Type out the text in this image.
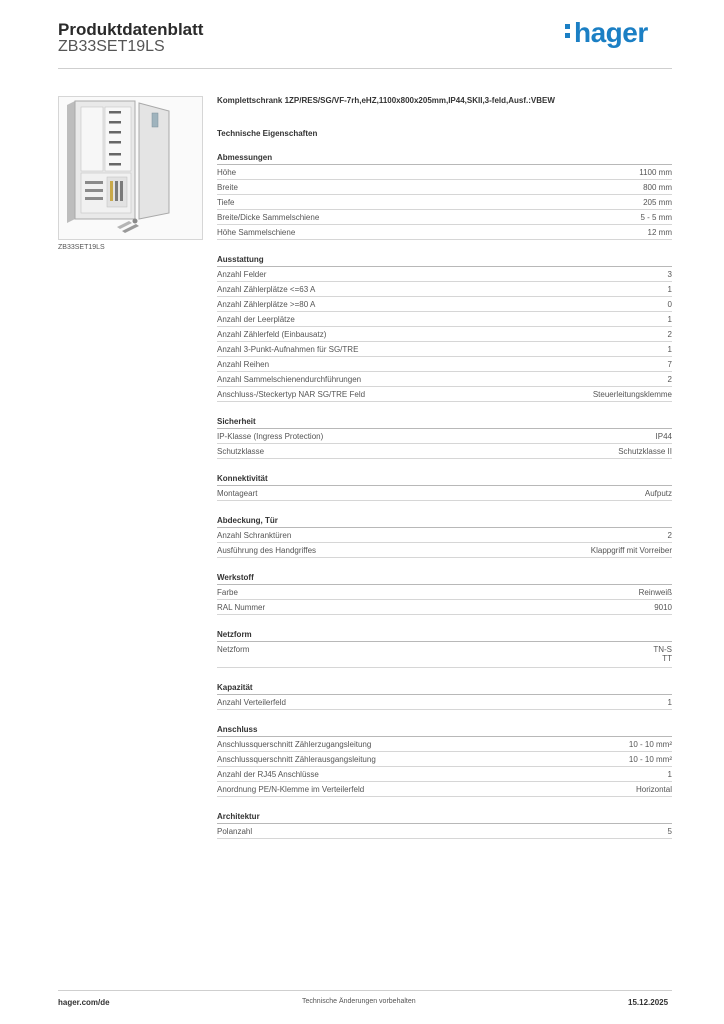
Produktdatenblatt
ZB33SET19LS	hager
ZB33SET19LS
Komplettschrank 1ZP/RES/SG/VF-7rh,eHZ,1100x800x205mm,IP44,SKII,3-feld,Ausf.:VBEW
Technische Eigenschaften
Abmessungen
Höhe	1100 mm
Breite	800 mm
Tiefe	205 mm
Breite/Dicke Sammelschiene	5 - 5 mm
Höhe Sammelschiene	12 mm
Ausstattung
Anzahl Felder	3
Anzahl Zählerplätze <=63 A	1
Anzahl Zählerplätze >=80 A	0
Anzahl der Leerplätze	1
Anzahl Zählerfeld (Einbausatz)	2
Anzahl 3-Punkt-Aufnahmen für SG/TRE	1
Anzahl Reihen	7
Anzahl Sammelschienendurchführungen	2
Anschluss-/Steckertyp NAR SG/TRE Feld	Steuerleitungsklemme
Sicherheit
IP-Klasse (Ingress Protection)	IP44
Schutzklasse	Schutzklasse II
Konnektivität
Montageart	Aufputz
Abdeckung, Tür
Anzahl Schranktüren	2
Ausführung des Handgriffes	Klappgriff mit Vorreiber
Werkstoff
Farbe	Reinweiß
RAL Nummer	9010
Netzform
Netzform	TN-S
TT
Kapazität
Anzahl Verteilerfeld	1
Anschluss
Anschlussquerschnitt Zählerzugangsleitung	10 - 10 mm²
Anschlussquerschnitt Zählerausgangsleitung	10 - 10 mm²
Anzahl der RJ45 Anschlüsse	1
Anordnung PE/N-Klemme im Verteilerfeld	Horizontal
Architektur
Polanzahl	5
hager.com/de	Technische Änderungen vorbehalten	15.12.2025
